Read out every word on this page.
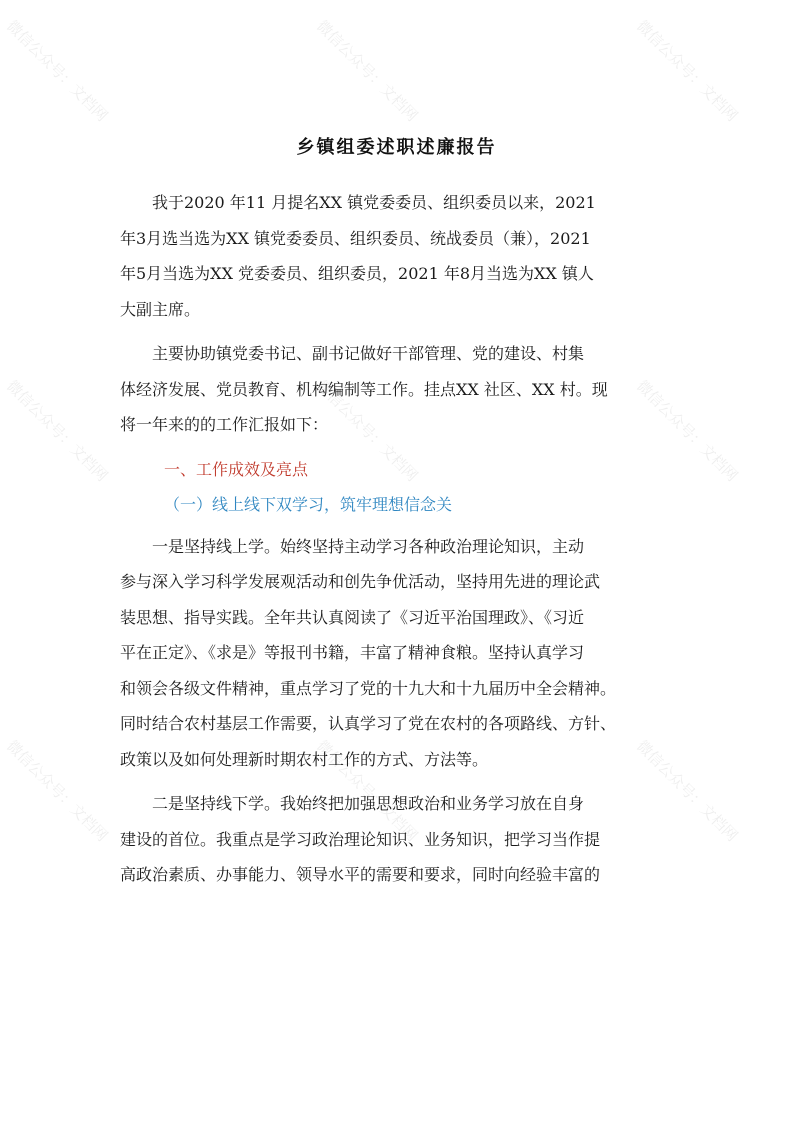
微信公众号：文档网	微信公众号：文档网	微信公众号：文档网
微信公众号：文档网	微信公众号：文档网	微信公众号：文档网
微信公众号：文档网	微信公众号：文档网	微信公众号：文档网
乡镇组委述职述廉报告

我于2020 年11 月提名XX 镇党委委员、组织委员以来，2021
年3月选当选为XX 镇党委委员、组织委员、统战委员（兼），2021
年5月当选为XX 党委委员、组织委员，2021 年8月当选为XX 镇人
大副主席。

主要协助镇党委书记、副书记做好干部管理、党的建设、村集
体经济发展、党员教育、机构编制等工作。挂点XX 社区、XX 村。现
将一年来的的工作汇报如下：

一、工作成效及亮点

（一）线上线下双学习，筑牢理想信念关

一是坚持线上学。始终坚持主动学习各种政治理论知识，主动
参与深入学习科学发展观活动和创先争优活动，坚持用先进的理论武
装思想、指导实践。全年共认真阅读了《习近平治国理政》、《习近
平在正定》、《求是》等报刊书籍，丰富了精神食粮。坚持认真学习
和领会各级文件精神，重点学习了党的十九大和十九届历中全会精神。
同时结合农村基层工作需要，认真学习了党在农村的各项路线、方针、
政策以及如何处理新时期农村工作的方式、方法等。

二是坚持线下学。我始终把加强思想政治和业务学习放在自身
建设的首位。我重点是学习政治理论知识、业务知识，把学习当作提
高政治素质、办事能力、领导水平的需要和要求，同时向经验丰富的
